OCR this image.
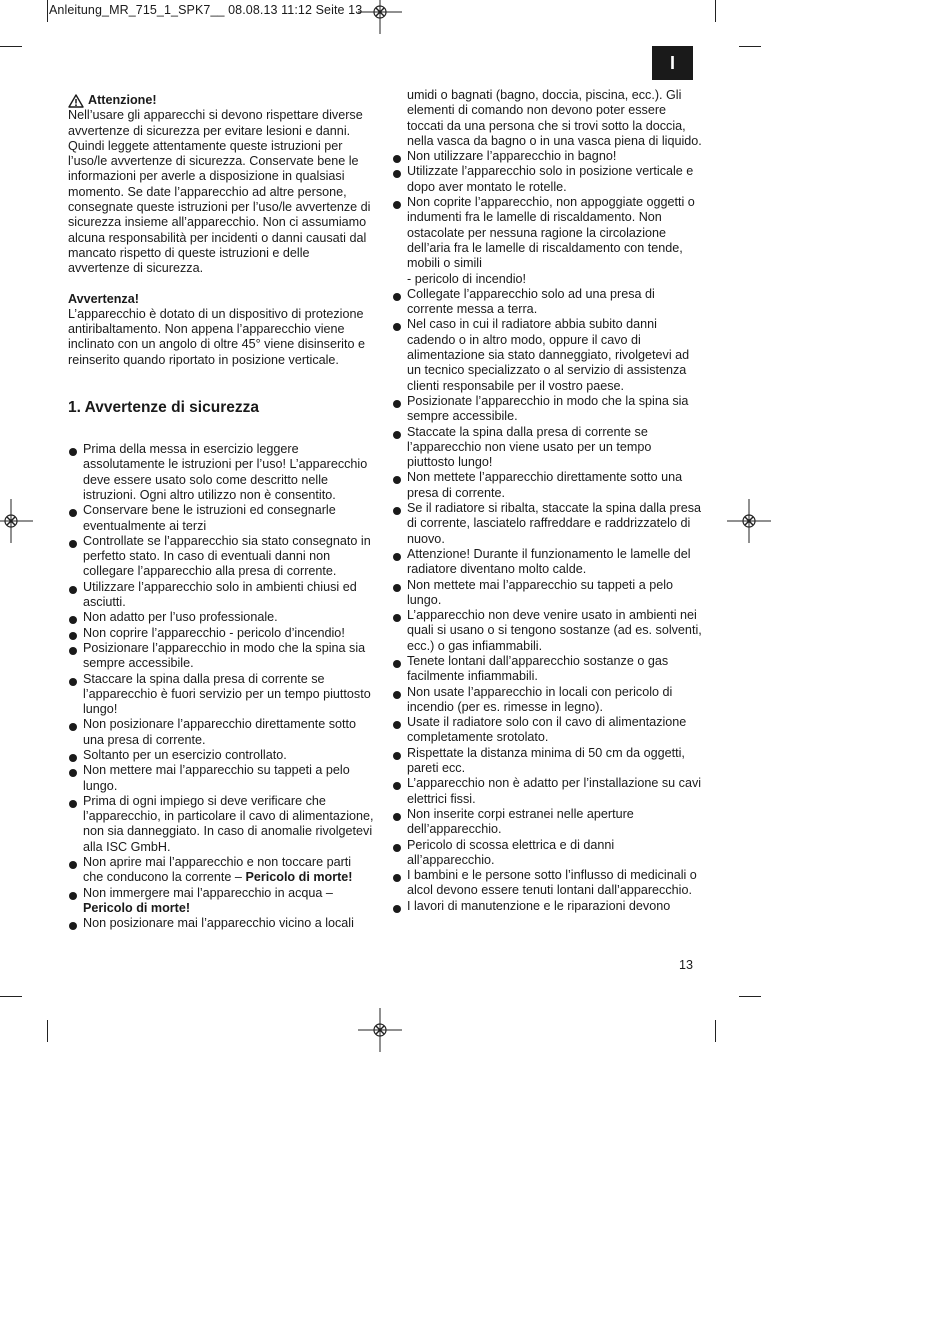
Anleitung_MR_715_1_SPK7__ 08.08.13 11:12 Seite 13
I
Attenzione!

Nell’usare gli apparecchi si devono rispettare diverse avvertenze di sicurezza per evitare lesioni e danni. Quindi leggete attentamente queste istruzioni per l’uso/le avvertenze di sicurezza. Conservate bene le informazioni per averle a disposizione in qualsiasi momento. Se date l’apparecchio ad altre persone, consegnate queste istruzioni per l’uso/le avvertenze di sicurezza insieme all’apparecchio. Non ci assumiamo alcuna responsabilità per incidenti o danni causati dal mancato rispetto di queste istruzioni e delle avvertenze di sicurezza.

Avvertenza!

L’apparecchio è dotato di un dispositivo di protezione antiribaltamento. Non appena l’apparecchio viene inclinato con un angolo di oltre 45° viene disinserito e reinserito quando riportato in posizione verticale.

1. Avvertenze di sicurezza
Prima della messa in esercizio leggere assolutamente le istruzioni per l’uso! L’apparecchio deve essere usato solo come descritto nelle istruzioni. Ogni altro utilizzo non è consentito.
Conservare bene le istruzioni ed consegnarle eventualmente ai terzi
Controllate se l’apparecchio sia stato consegnato in perfetto stato. In caso di eventuali danni non collegare l’apparecchio alla presa di corrente.
Utilizzare l’apparecchio solo in ambienti chiusi ed asciutti.
Non adatto per l’uso professionale.
Non coprire l’apparecchio - pericolo d’incendio!
Posizionare l’apparecchio in modo che la spina sia sempre accessibile.
Staccare la spina dalla presa di corrente se l’apparecchio è fuori servizio per un tempo piuttosto lungo!
Non posizionare l’apparecchio direttamente sotto una presa di corrente.
Soltanto per un esercizio controllato.
Non mettere mai l’apparecchio su tappeti a pelo lungo.
Prima di ogni impiego si deve verificare che l’apparecchio, in particolare il cavo di alimentazione, non sia danneggiato. In caso di anomalie rivolgetevi alla ISC GmbH.
Non aprire mai l’apparecchio e non toccare parti che conducono la corrente – Pericolo di morte!
Non immergere mai l’apparecchio in acqua – Pericolo di morte!
Non posizionare mai l’apparecchio vicino a locali
umidi o bagnati (bagno, doccia, piscina, ecc.). Gli elementi di comando non devono poter essere toccati da una persona che si trovi sotto la doccia, nella vasca da bagno o in una vasca piena di liquido.
Non utilizzare l’apparecchio in bagno!
Utilizzate l’apparecchio solo in posizione verticale e dopo aver montato le rotelle.
Non coprite l’apparecchio, non appoggiate oggetti o indumenti fra le lamelle di riscaldamento. Non ostacolate per nessuna ragione la circolazione dell’aria fra le lamelle di riscaldamento con tende, mobili o simili
- pericolo di incendio!
Collegate l’apparecchio solo ad una presa di corrente messa a terra.
Nel caso in cui il radiatore abbia subito danni cadendo o in altro modo, oppure il cavo di alimentazione sia stato danneggiato, rivolgetevi ad un tecnico specializzato o al servizio di assistenza clienti responsabile per il vostro paese.
Posizionate l’apparecchio in modo che la spina sia sempre accessibile.
Staccate la spina dalla presa di corrente se l’apparecchio non viene usato per un tempo piuttosto lungo!
Non mettete l’apparecchio direttamente sotto una presa di corrente.
Se il radiatore si ribalta, staccate la spina dalla presa di corrente, lasciatelo raffreddare e raddrizzatelo di nuovo.
Attenzione! Durante il funzionamento le lamelle del radiatore diventano molto calde.
Non mettete mai l’apparecchio su tappeti a pelo lungo.
L’apparecchio non deve venire usato in ambienti nei quali si usano o si tengono sostanze (ad es. solventi, ecc.) o gas infiammabili.
Tenete lontani dall’apparecchio sostanze o gas facilmente infiammabili.
Non usate l’apparecchio in locali con pericolo di incendio (per es. rimesse in legno).
Usate il radiatore solo con il cavo di alimentazione completamente srotolato.
Rispettate la distanza minima di 50 cm da oggetti, pareti ecc.
L’apparecchio non è adatto per l’installazione su cavi elettrici fissi.
Non inserite corpi estranei nelle aperture dell’apparecchio.
Pericolo di scossa elettrica e di danni all’apparecchio.
I bambini e le persone sotto l’influsso di medicinali o alcol devono essere tenuti lontani dall’apparecchio.
I lavori di manutenzione e le riparazioni devono
13
